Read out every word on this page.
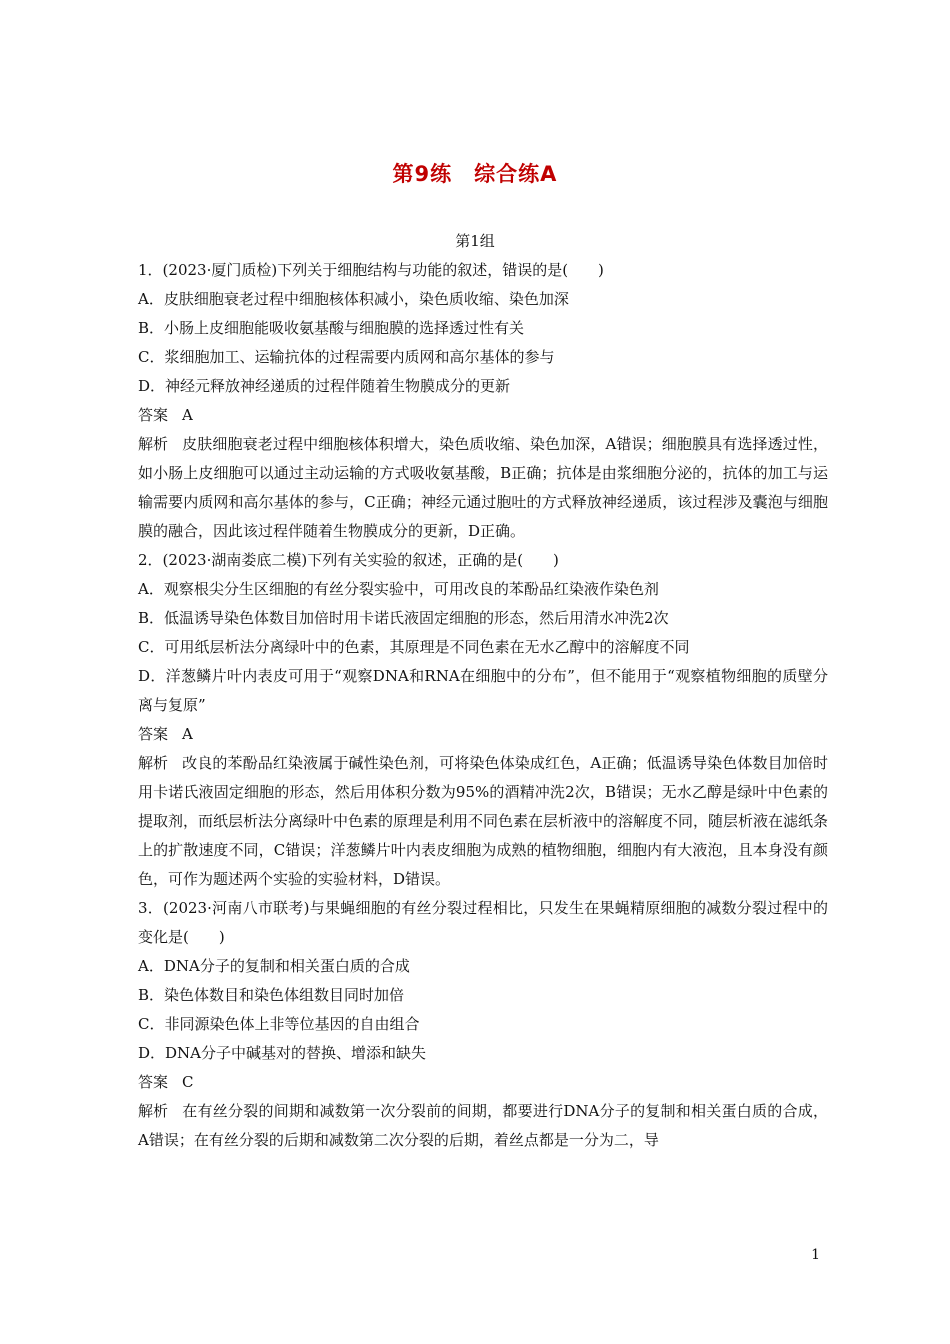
第9练 综合练A
第1组

1．(2023·厦门质检)下列关于细胞结构与功能的叙述，错误的是(　　)

A．皮肤细胞衰老过程中细胞核体积减小，染色质收缩、染色加深

B．小肠上皮细胞能吸收氨基酸与细胞膜的选择透过性有关

C．浆细胞加工、运输抗体的过程需要内质网和高尔基体的参与

D．神经元释放神经递质的过程伴随着生物膜成分的更新

答案 A

解析 皮肤细胞衰老过程中细胞核体积增大，染色质收缩、染色加深，A错误；细胞膜具有选择透过性，如小肠上皮细胞可以通过主动运输的方式吸收氨基酸，B正确；抗体是由浆细胞分泌的，抗体的加工与运输需要内质网和高尔基体的参与，C正确；神经元通过胞吐的方式释放神经递质，该过程涉及囊泡与细胞膜的融合，因此该过程伴随着生物膜成分的更新，D正确。

2．(2023·湖南娄底二模)下列有关实验的叙述，正确的是(　　)

A．观察根尖分生区细胞的有丝分裂实验中，可用改良的苯酚品红染液作染色剂

B．低温诱导染色体数目加倍时用卡诺氏液固定细胞的形态，然后用清水冲洗2次

C．可用纸层析法分离绿叶中的色素，其原理是不同色素在无水乙醇中的溶解度不同

D．洋葱鳞片叶内表皮可用于“观察DNA和RNA在细胞中的分布”，但不能用于“观察植物细胞的质壁分离与复原”

答案 A

解析 改良的苯酚品红染液属于碱性染色剂，可将染色体染成红色，A正确；低温诱导染色体数目加倍时用卡诺氏液固定细胞的形态，然后用体积分数为95%的酒精冲洗2次，B错误；无水乙醇是绿叶中色素的提取剂，而纸层析法分离绿叶中色素的原理是利用不同色素在层析液中的溶解度不同，随层析液在滤纸条上的扩散速度不同，C错误；洋葱鳞片叶内表皮细胞为成熟的植物细胞，细胞内有大液泡，且本身没有颜色，可作为题述两个实验的实验材料，D错误。

3．(2023·河南八市联考)与果蝇细胞的有丝分裂过程相比，只发生在果蝇精原细胞的减数分裂过程中的变化是(　　)

A．DNA分子的复制和相关蛋白质的合成

B．染色体数目和染色体组数目同时加倍

C．非同源染色体上非等位基因的自由组合

D．DNA分子中碱基对的替换、增添和缺失

答案 C

解析 在有丝分裂的间期和减数第一次分裂前的间期，都要进行DNA分子的复制和相关蛋白质的合成，A错误；在有丝分裂的后期和减数第二次分裂的后期，着丝点都是一分为二，导

1
